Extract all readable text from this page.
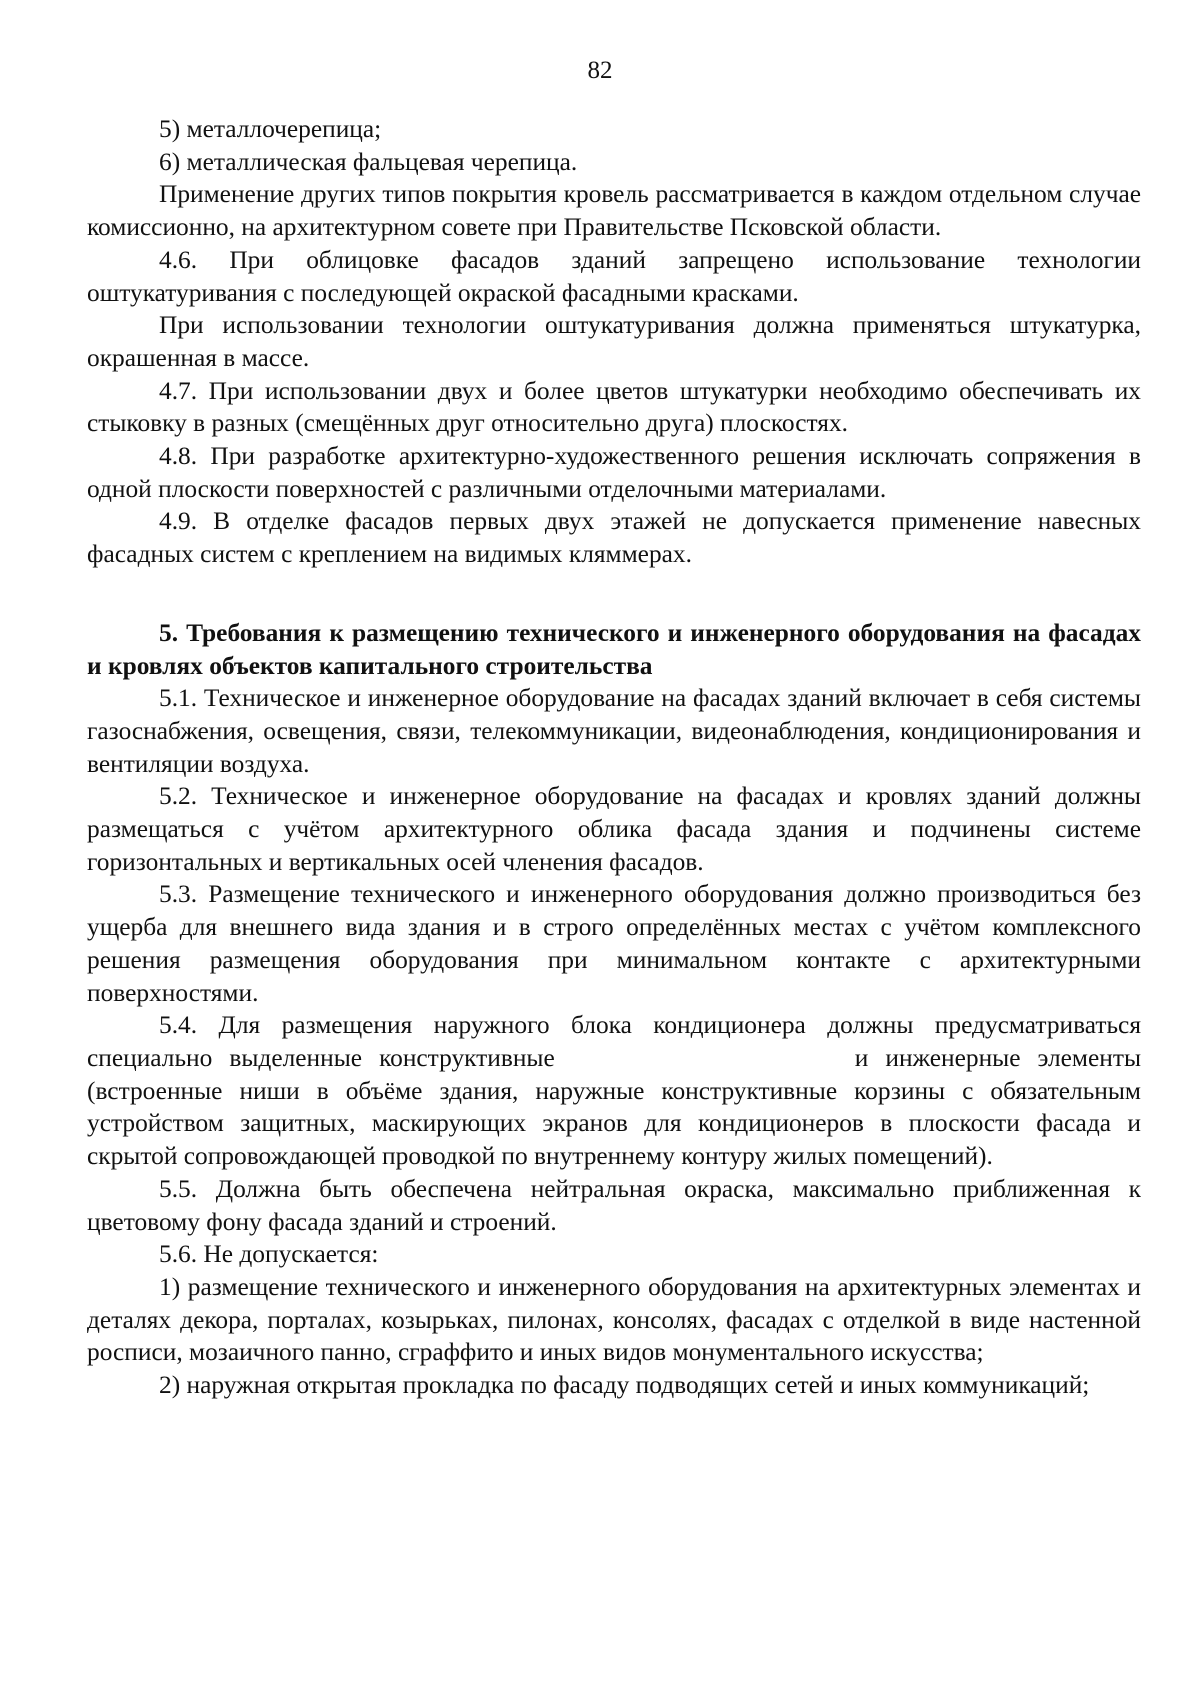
82

5) металлочерепица;

6) металлическая фальцевая черепица.

Применение других типов покрытия кровель рассматривается в каждом отдельном случае комиссионно, на архитектурном совете при Правительстве Псковской области.

4.6. При облицовке фасадов зданий запрещено использование технологии оштукатуривания с последующей окраской фасадными красками.

При использовании технологии оштукатуривания должна применяться штукатурка, окрашенная в массе.

4.7. При использовании двух и более цветов штукатурки необходимо обеспечивать их стыковку в разных (смещённых друг относительно друга) плоскостях.

4.8. При разработке архитектурно-художественного решения исключать сопряжения в одной плоскости поверхностей с различными отделочными материалами.

4.9. В отделке фасадов первых двух этажей не допускается применение навесных фасадных систем с креплением на видимых кляммерах.

5. Требования к размещению технического и инженерного оборудования на фасадах и кровлях объектов капитального строительства

5.1. Техническое и инженерное оборудование на фасадах зданий включает в себя системы газоснабжения, освещения, связи, телекоммуникации, видеонаблюдения, кондиционирования и вентиляции воздуха.

5.2. Техническое и инженерное оборудование на фасадах и кровлях зданий должны размещаться с учётом архитектурного облика фасада здания и подчинены системе горизонтальных и вертикальных осей членения фасадов.

5.3. Размещение технического и инженерного оборудования должно производиться без ущерба для внешнего вида здания и в строго определённых местах с учётом комплексного решения размещения оборудования при минимальном контакте с архитектурными поверхностями.

5.4. Для размещения наружного блока кондиционера должны предусматриваться специально выделенные конструктивные	и инженерные элементы (встроенные ниши в объёме здания, наружные конструктивные корзины с обязательным устройством защитных, маскирующих экранов для кондиционеров в плоскости фасада и скрытой сопровождающей проводкой по внутреннему контуру жилых помещений).

5.5. Должна быть обеспечена нейтральная окраска, максимально приближенная к цветовому фону фасада зданий и строений.

5.6. Не допускается:

1) размещение технического и инженерного оборудования на архитектурных элементах и деталях декора, порталах, козырьках, пилонах, консолях, фасадах с отделкой в виде настенной росписи, мозаичного панно, сграффито и иных видов монументального искусства;

2) наружная открытая прокладка по фасаду подводящих сетей и иных коммуникаций;
